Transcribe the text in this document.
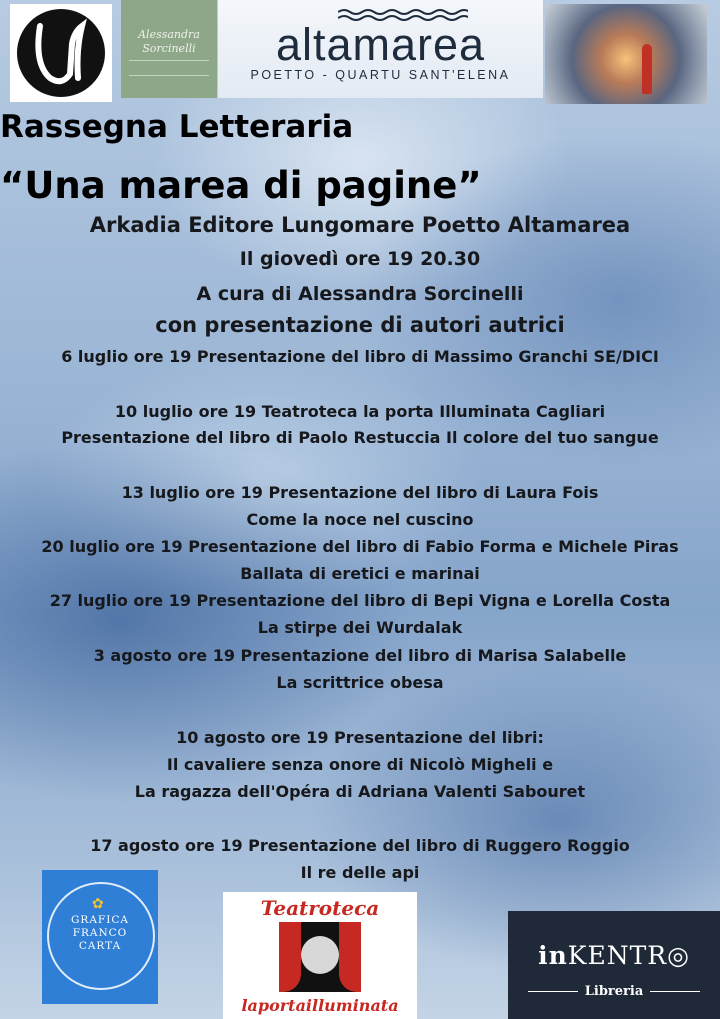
Alessandra
Sorcinelli	altamarea
POETTO - QUARTU SANT'ELENA
Rassegna Letteraria
“Una marea di pagine”
Arkadia Editore Lungomare Poetto Altamarea
Il giovedì ore 19 20.30
A cura di Alessandra Sorcinelli
con presentazione di autori autrici
6 luglio ore 19 Presentazione del libro di Massimo Granchi SE/DICI
10 luglio ore 19 Teatroteca la porta Illuminata Cagliari
Presentazione del libro di Paolo Restuccia Il colore del tuo sangue
13 luglio ore 19 Presentazione del libro di Laura Fois
Come la noce nel cuscino
20 luglio ore 19 Presentazione del libro di Fabio Forma e Michele Piras
Ballata di eretici e marinai
27 luglio ore 19 Presentazione del libro di Bepi Vigna e Lorella Costa
La stirpe dei Wurdalak
3 agosto ore 19 Presentazione del libro di Marisa Salabelle
La scrittrice obesa
10 agosto ore 19 Presentazione del libri:
Il cavaliere senza onore di Nicolò Migheli e
La ragazza dell'Opéra di Adriana Valenti Sabouret
17 agosto ore 19 Presentazione del libro di Ruggero Roggio
Il re delle api
✿
GRAFICA
FRANCO
CARTA
Teatroteca
laportailluminata
inKENTR◎
Libreria
